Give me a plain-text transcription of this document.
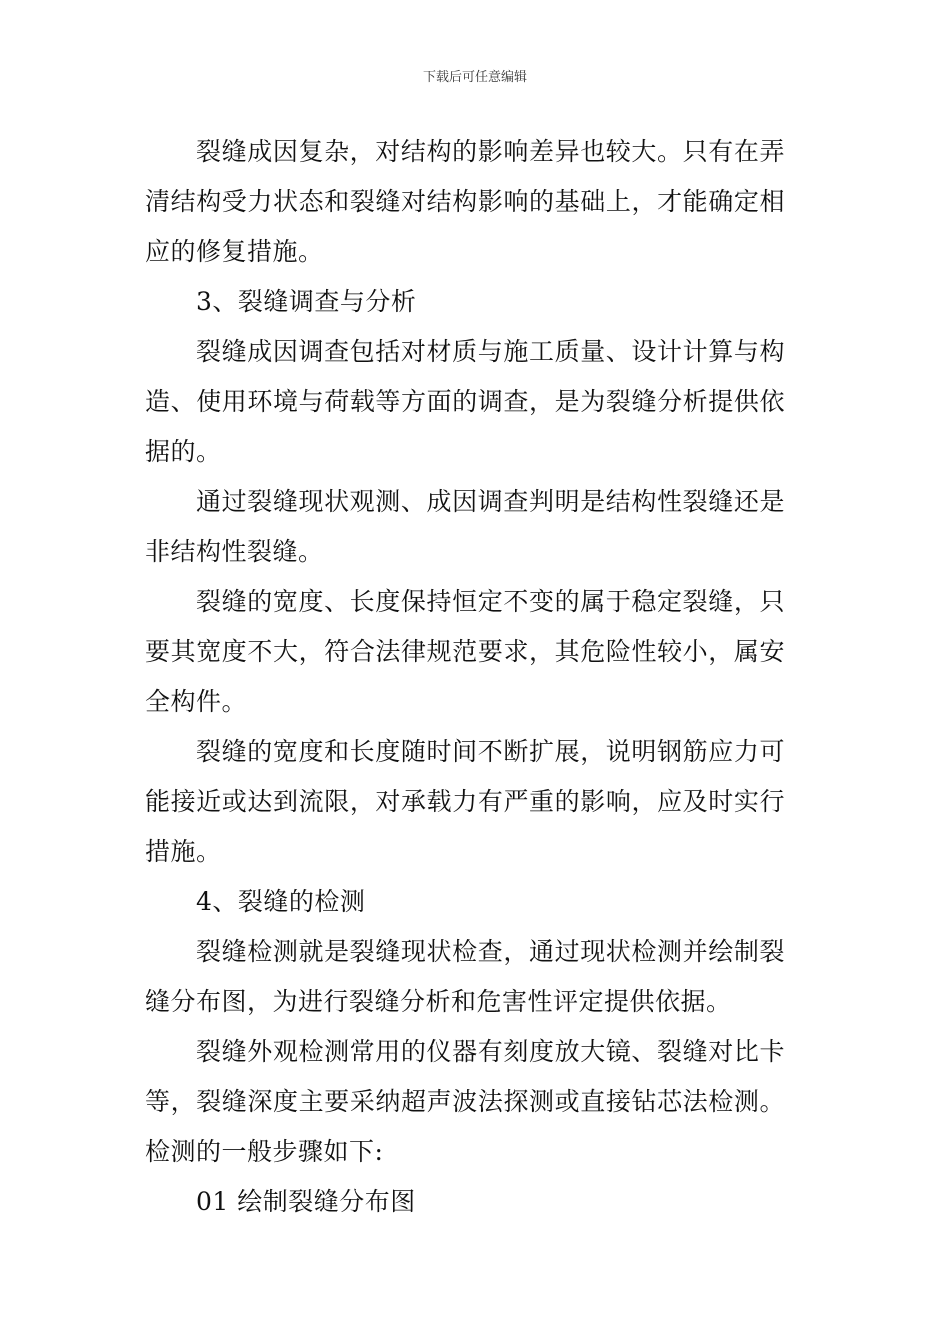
下载后可任意编辑

裂缝成因复杂，对结构的影响差异也较大。只有在弄清结构受力状态和裂缝对结构影响的基础上，才能确定相应的修复措施。

3、裂缝调查与分析

裂缝成因调查包括对材质与施工质量、设计计算与构造、使用环境与荷载等方面的调查，是为裂缝分析提供依据的。

通过裂缝现状观测、成因调查判明是结构性裂缝还是非结构性裂缝。

裂缝的宽度、长度保持恒定不变的属于稳定裂缝，只要其宽度不大，符合法律规范要求，其危险性较小，属安全构件。

裂缝的宽度和长度随时间不断扩展，说明钢筋应力可能接近或达到流限，对承载力有严重的影响，应及时实行措施。

4、裂缝的检测

裂缝检测就是裂缝现状检查，通过现状检测并绘制裂缝分布图，为进行裂缝分析和危害性评定提供依据。

裂缝外观检测常用的仪器有刻度放大镜、裂缝对比卡等，裂缝深度主要采纳超声波法探测或直接钻芯法检测。检测的一般步骤如下:

01 绘制裂缝分布图
